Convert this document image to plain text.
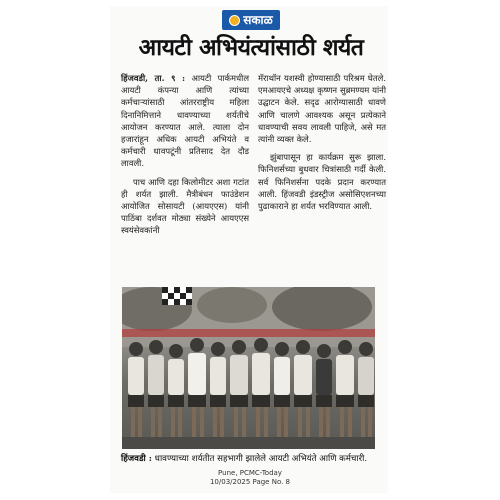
सकाळ
आयटी अभियंत्यांसाठी शर्यत

हिंजवडी, ता. ९ : आयटी पार्कमधील आयटी कंपन्या आणि त्यांच्या कर्मचाऱ्यांसाठी आंतरराष्ट्रीय महिला दिनानिमित्ताने धावण्याच्या शर्यतीचे आयोजन करण्यात आले. त्याला दोन हजारांहून अधिक आयटी अभियंते व कर्मचारी धावपटूंनी प्रतिसाद देत दौड लावली.

पाच आणि दहा किलोमीटर अशा गटांत ही शर्यत झाली. मैत्रीबंधन फाउंडेशन आयोजित सोसायटी (आयएएस) यांनी पाठिंबा दर्शवत मोठ्या संख्येने आयएएस स्वयंसेवकांनी

मॅराथॉन यशस्वी होण्यासाठी परिश्रम घेतले. एमआयएचे अध्यक्ष कृष्णन सुब्रमण्यम यांनी उद्घाटन केले. सदृढ आरोग्यासाठी धावणे आणि चालणे आवश्यक असून प्रत्येकाने धावण्याची सवय लावली पाहिजे, असे मत त्यांनी व्यक्त केले.

झुंबापासून हा कार्यक्रम सुरू झाला. फिनिशर्सच्या बुधवार चित्रांसाठी गर्दी केली. सर्व फिनिशर्सना पदके प्रदान करण्यात आली. हिंजवडी इंडस्ट्रीज असोसिएशनच्या पुढाकाराने हा शर्यत भरविण्यात आली.

हिंजवडी : धावण्याच्या शर्यतीत सहभागी झालेले आयटी अभियंते आणि कर्मचारी.
Pune, PCMC-Today
10/03/2025 Page No. 8
